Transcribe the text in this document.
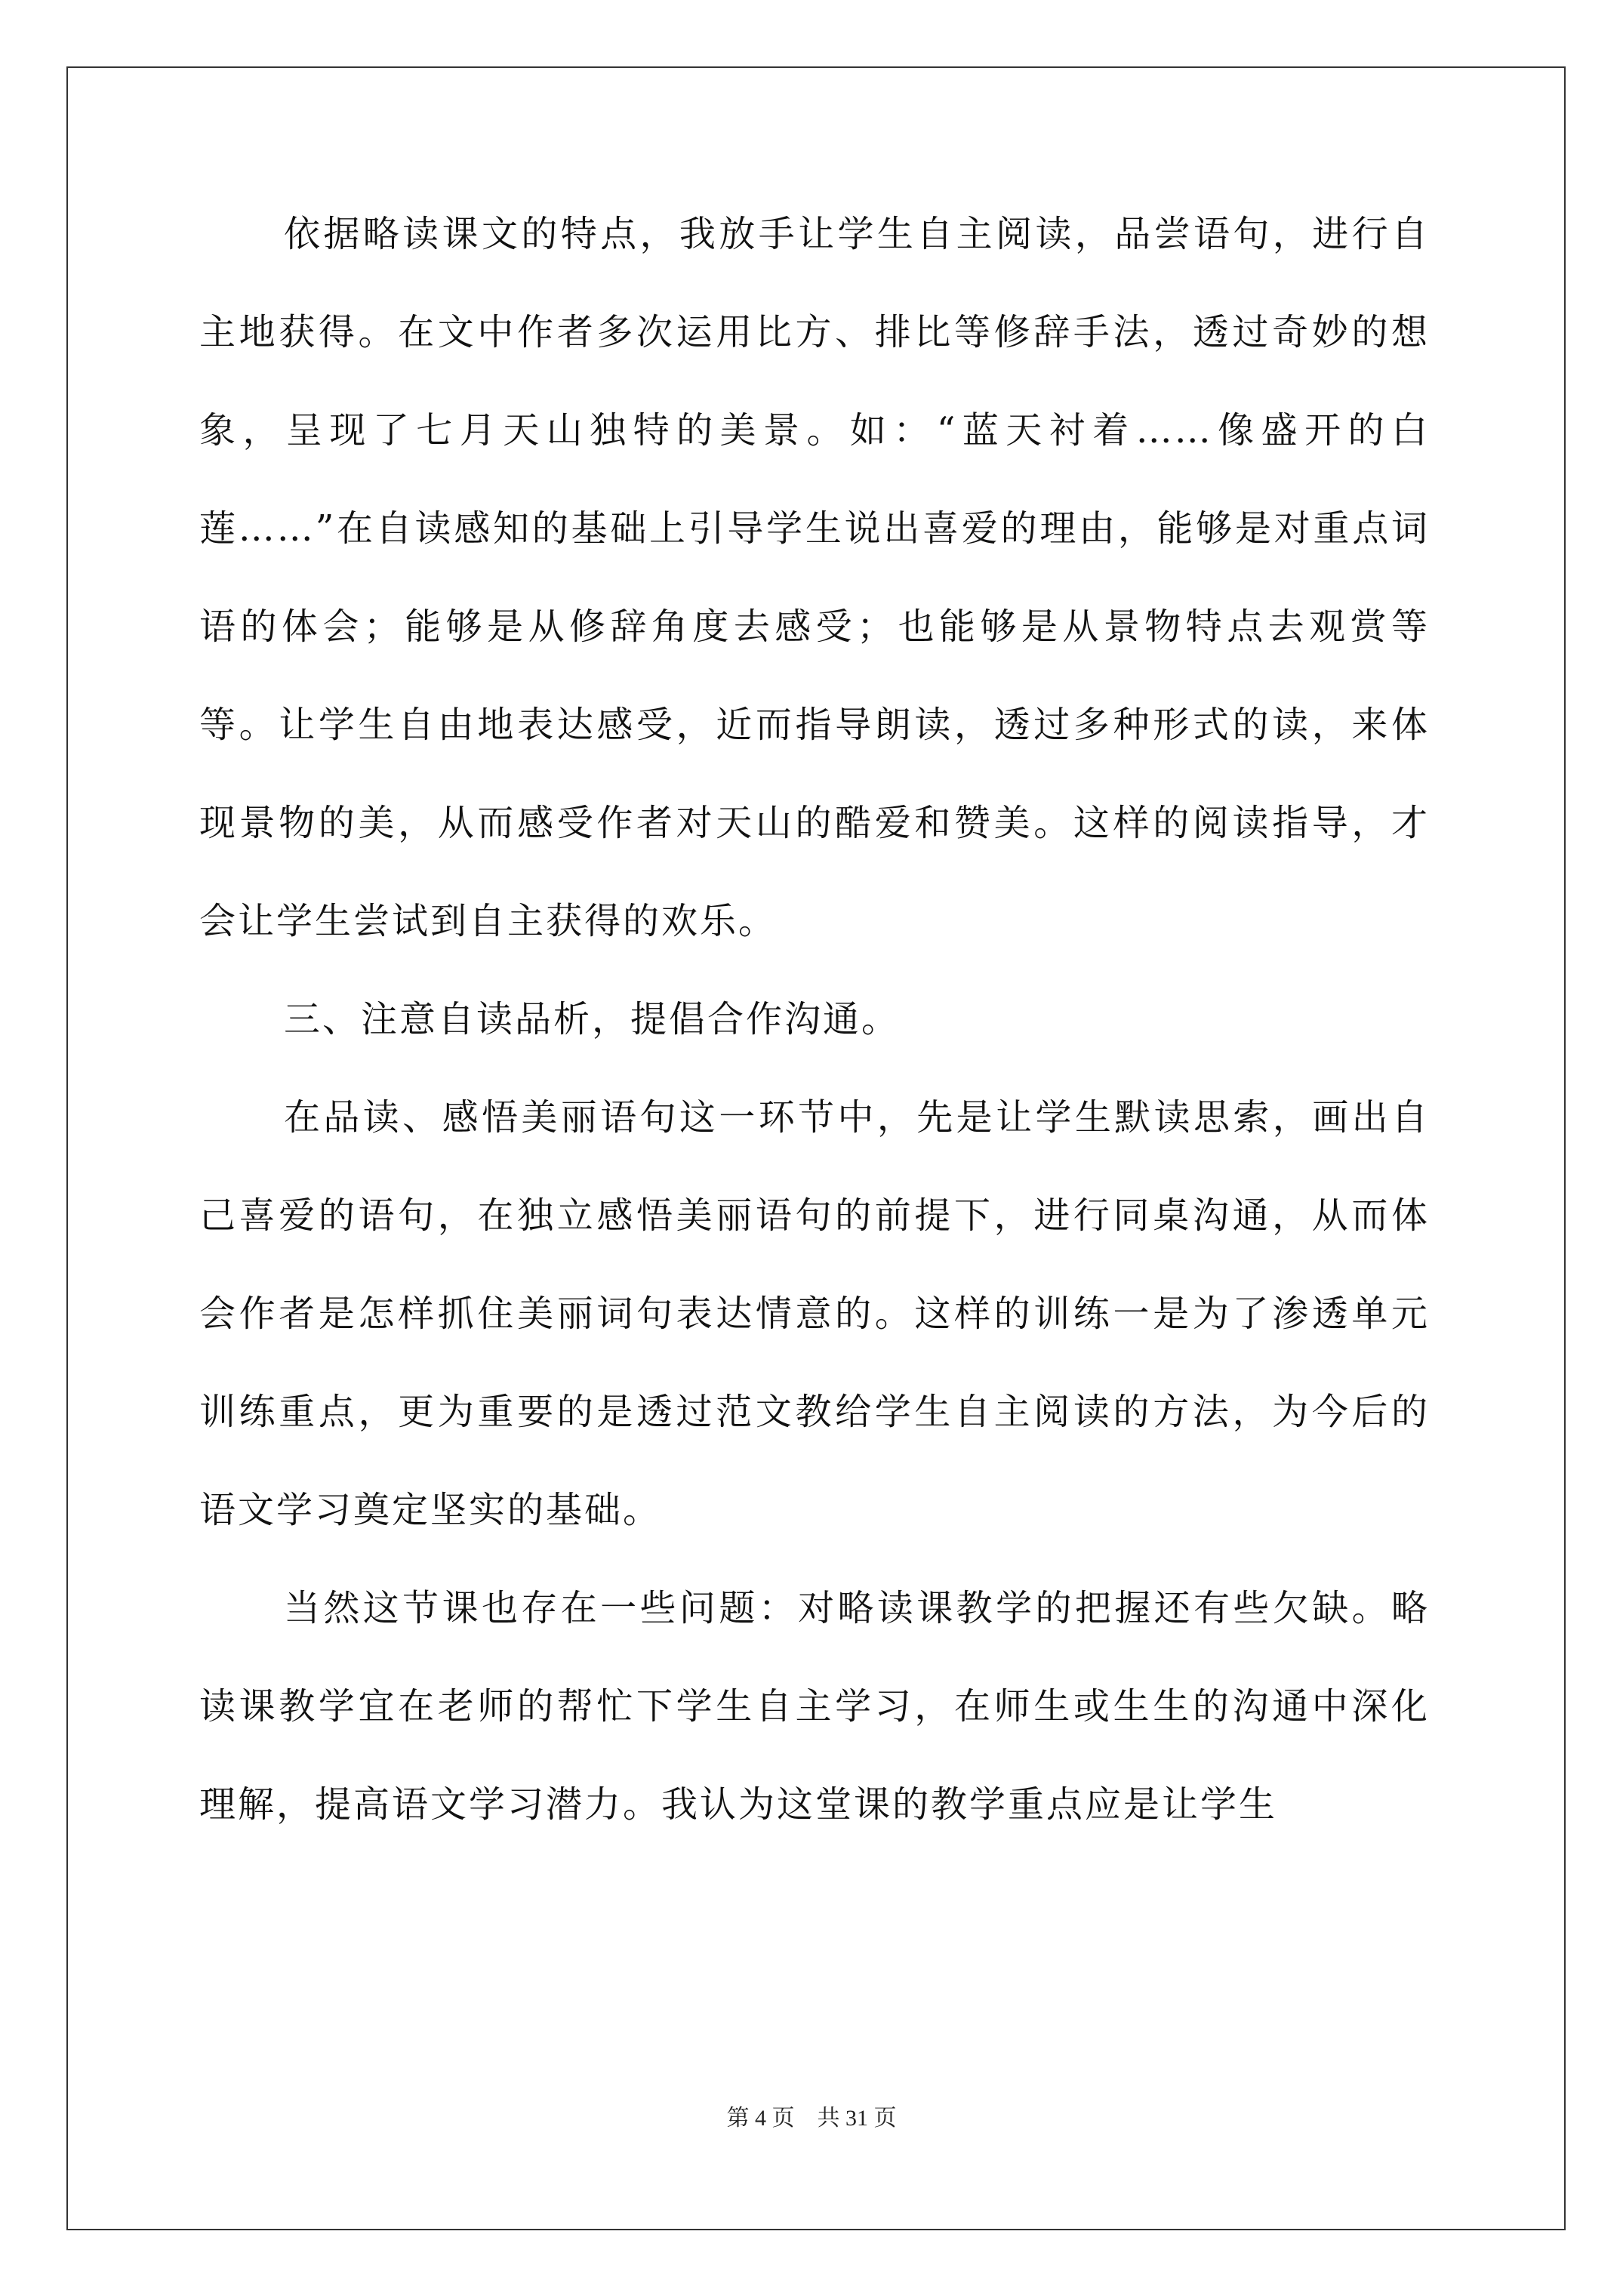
依据略读课文的特点，我放手让学生自主阅读，品尝语句，进行自主地获得。在文中作者多次运用比方、排比等修辞手法，透过奇妙的想象，呈现了七月天山独特的美景。如：“蓝天衬着……像盛开的白莲……”在自读感知的基础上引导学生说出喜爱的理由，能够是对重点词语的体会；能够是从修辞角度去感受；也能够是从景物特点去观赏等等。让学生自由地表达感受，近而指导朗读，透过多种形式的读，来体现景物的美，从而感受作者对天山的酷爱和赞美。这样的阅读指导，才会让学生尝试到自主获得的欢乐。

三、注意自读品析，提倡合作沟通。

在品读、感悟美丽语句这一环节中，先是让学生默读思索，画出自己喜爱的语句，在独立感悟美丽语句的前提下，进行同桌沟通，从而体会作者是怎样抓住美丽词句表达情意的。这样的训练一是为了渗透单元训练重点，更为重要的是透过范文教给学生自主阅读的方法，为今后的语文学习奠定坚实的基础。

当然这节课也存在一些问题：对略读课教学的把握还有些欠缺。略读课教学宜在老师的帮忙下学生自主学习，在师生或生生的沟通中深化理解，提高语文学习潜力。我认为这堂课的教学重点应是让学生

第 4 页　共 31 页
